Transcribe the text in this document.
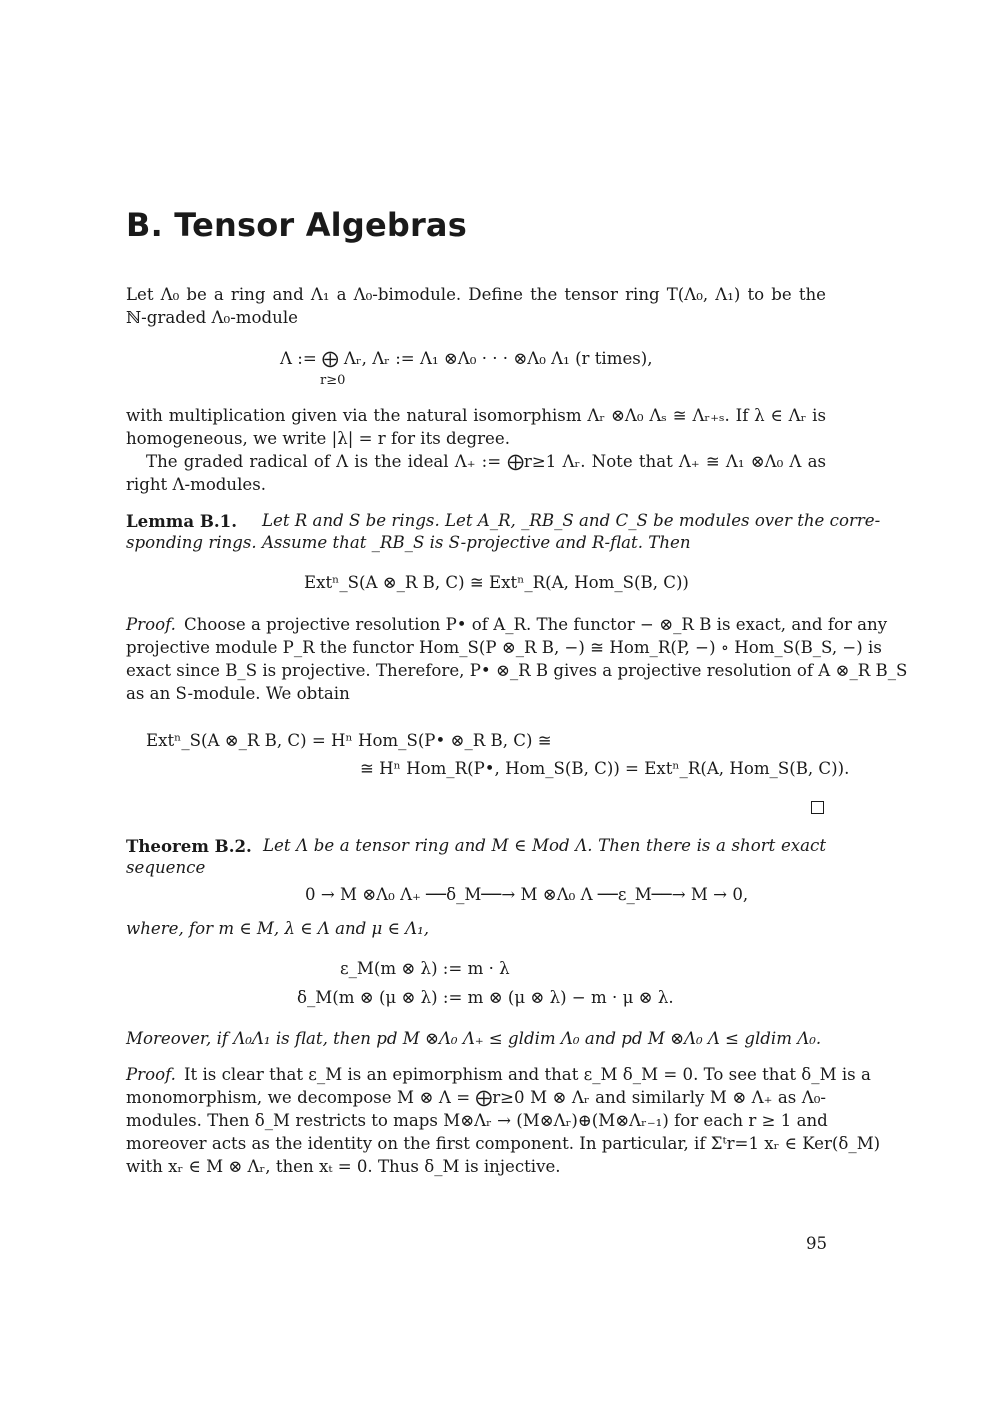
B. Tensor Algebras
Let Λ₀ be a ring and Λ₁ a Λ₀-bimodule. Define the tensor ring T(Λ₀, Λ₁) to be the
ℕ-graded Λ₀-module
Λ := ⨁ Λᵣ, Λᵣ := Λ₁ ⊗Λ₀ · · · ⊗Λ₀ Λ₁ (r times),
r≥0
with multiplication given via the natural isomorphism Λᵣ ⊗Λ₀ Λₛ ≅ Λᵣ₊ₛ. If λ ∈ Λᵣ is
homogeneous, we write |λ| = r for its degree.
The graded radical of Λ is the ideal Λ₊ := ⨁r≥1 Λᵣ. Note that Λ₊ ≅ Λ₁ ⊗Λ₀ Λ as
right Λ-modules.
Lemma B.1. Let R and S be rings. Let A_R, _RB_S and C_S be modules over the corre-
sponding rings. Assume that _RB_S is S-projective and R-flat. Then
Extⁿ_S(A ⊗_R B, C) ≅ Extⁿ_R(A, Hom_S(B, C))
Proof. Choose a projective resolution P• of A_R. The functor − ⊗_R B is exact, and for any
projective module P_R the functor Hom_S(P ⊗_R B, −) ≅ Hom_R(P, −) ∘ Hom_S(B_S, −) is
exact since B_S is projective. Therefore, P• ⊗_R B gives a projective resolution of A ⊗_R B_S
as an S-module. We obtain
Extⁿ_S(A ⊗_R B, C) = Hⁿ Hom_S(P• ⊗_R B, C) ≅
≅ Hⁿ Hom_R(P•, Hom_S(B, C)) = Extⁿ_R(A, Hom_S(B, C)).
Theorem B.2. Let Λ be a tensor ring and M ∈ Mod Λ. Then there is a short exact
sequence
0 → M ⊗Λ₀ Λ₊ ──δ_M──→ M ⊗Λ₀ Λ ──ε_M──→ M → 0,
where, for m ∈ M, λ ∈ Λ and μ ∈ Λ₁,
ε_M(m ⊗ λ) := m · λ
δ_M(m ⊗ (μ ⊗ λ) := m ⊗ (μ ⊗ λ) − m · μ ⊗ λ.
Moreover, if Λ₀Λ₁ is flat, then pd M ⊗Λ₀ Λ₊ ≤ gldim Λ₀ and pd M ⊗Λ₀ Λ ≤ gldim Λ₀.
Proof. It is clear that ε_M is an epimorphism and that ε_M δ_M = 0. To see that δ_M is a
monomorphism, we decompose M ⊗ Λ = ⨁r≥0 M ⊗ Λᵣ and similarly M ⊗ Λ₊ as Λ₀-
modules. Then δ_M restricts to maps M⊗Λᵣ → (M⊗Λᵣ)⊕(M⊗Λᵣ₋₁) for each r ≥ 1 and
moreover acts as the identity on the first component. In particular, if Σᵗr=1 xᵣ ∈ Ker(δ_M)
with xᵣ ∈ M ⊗ Λᵣ, then xₜ = 0. Thus δ_M is injective.
95
